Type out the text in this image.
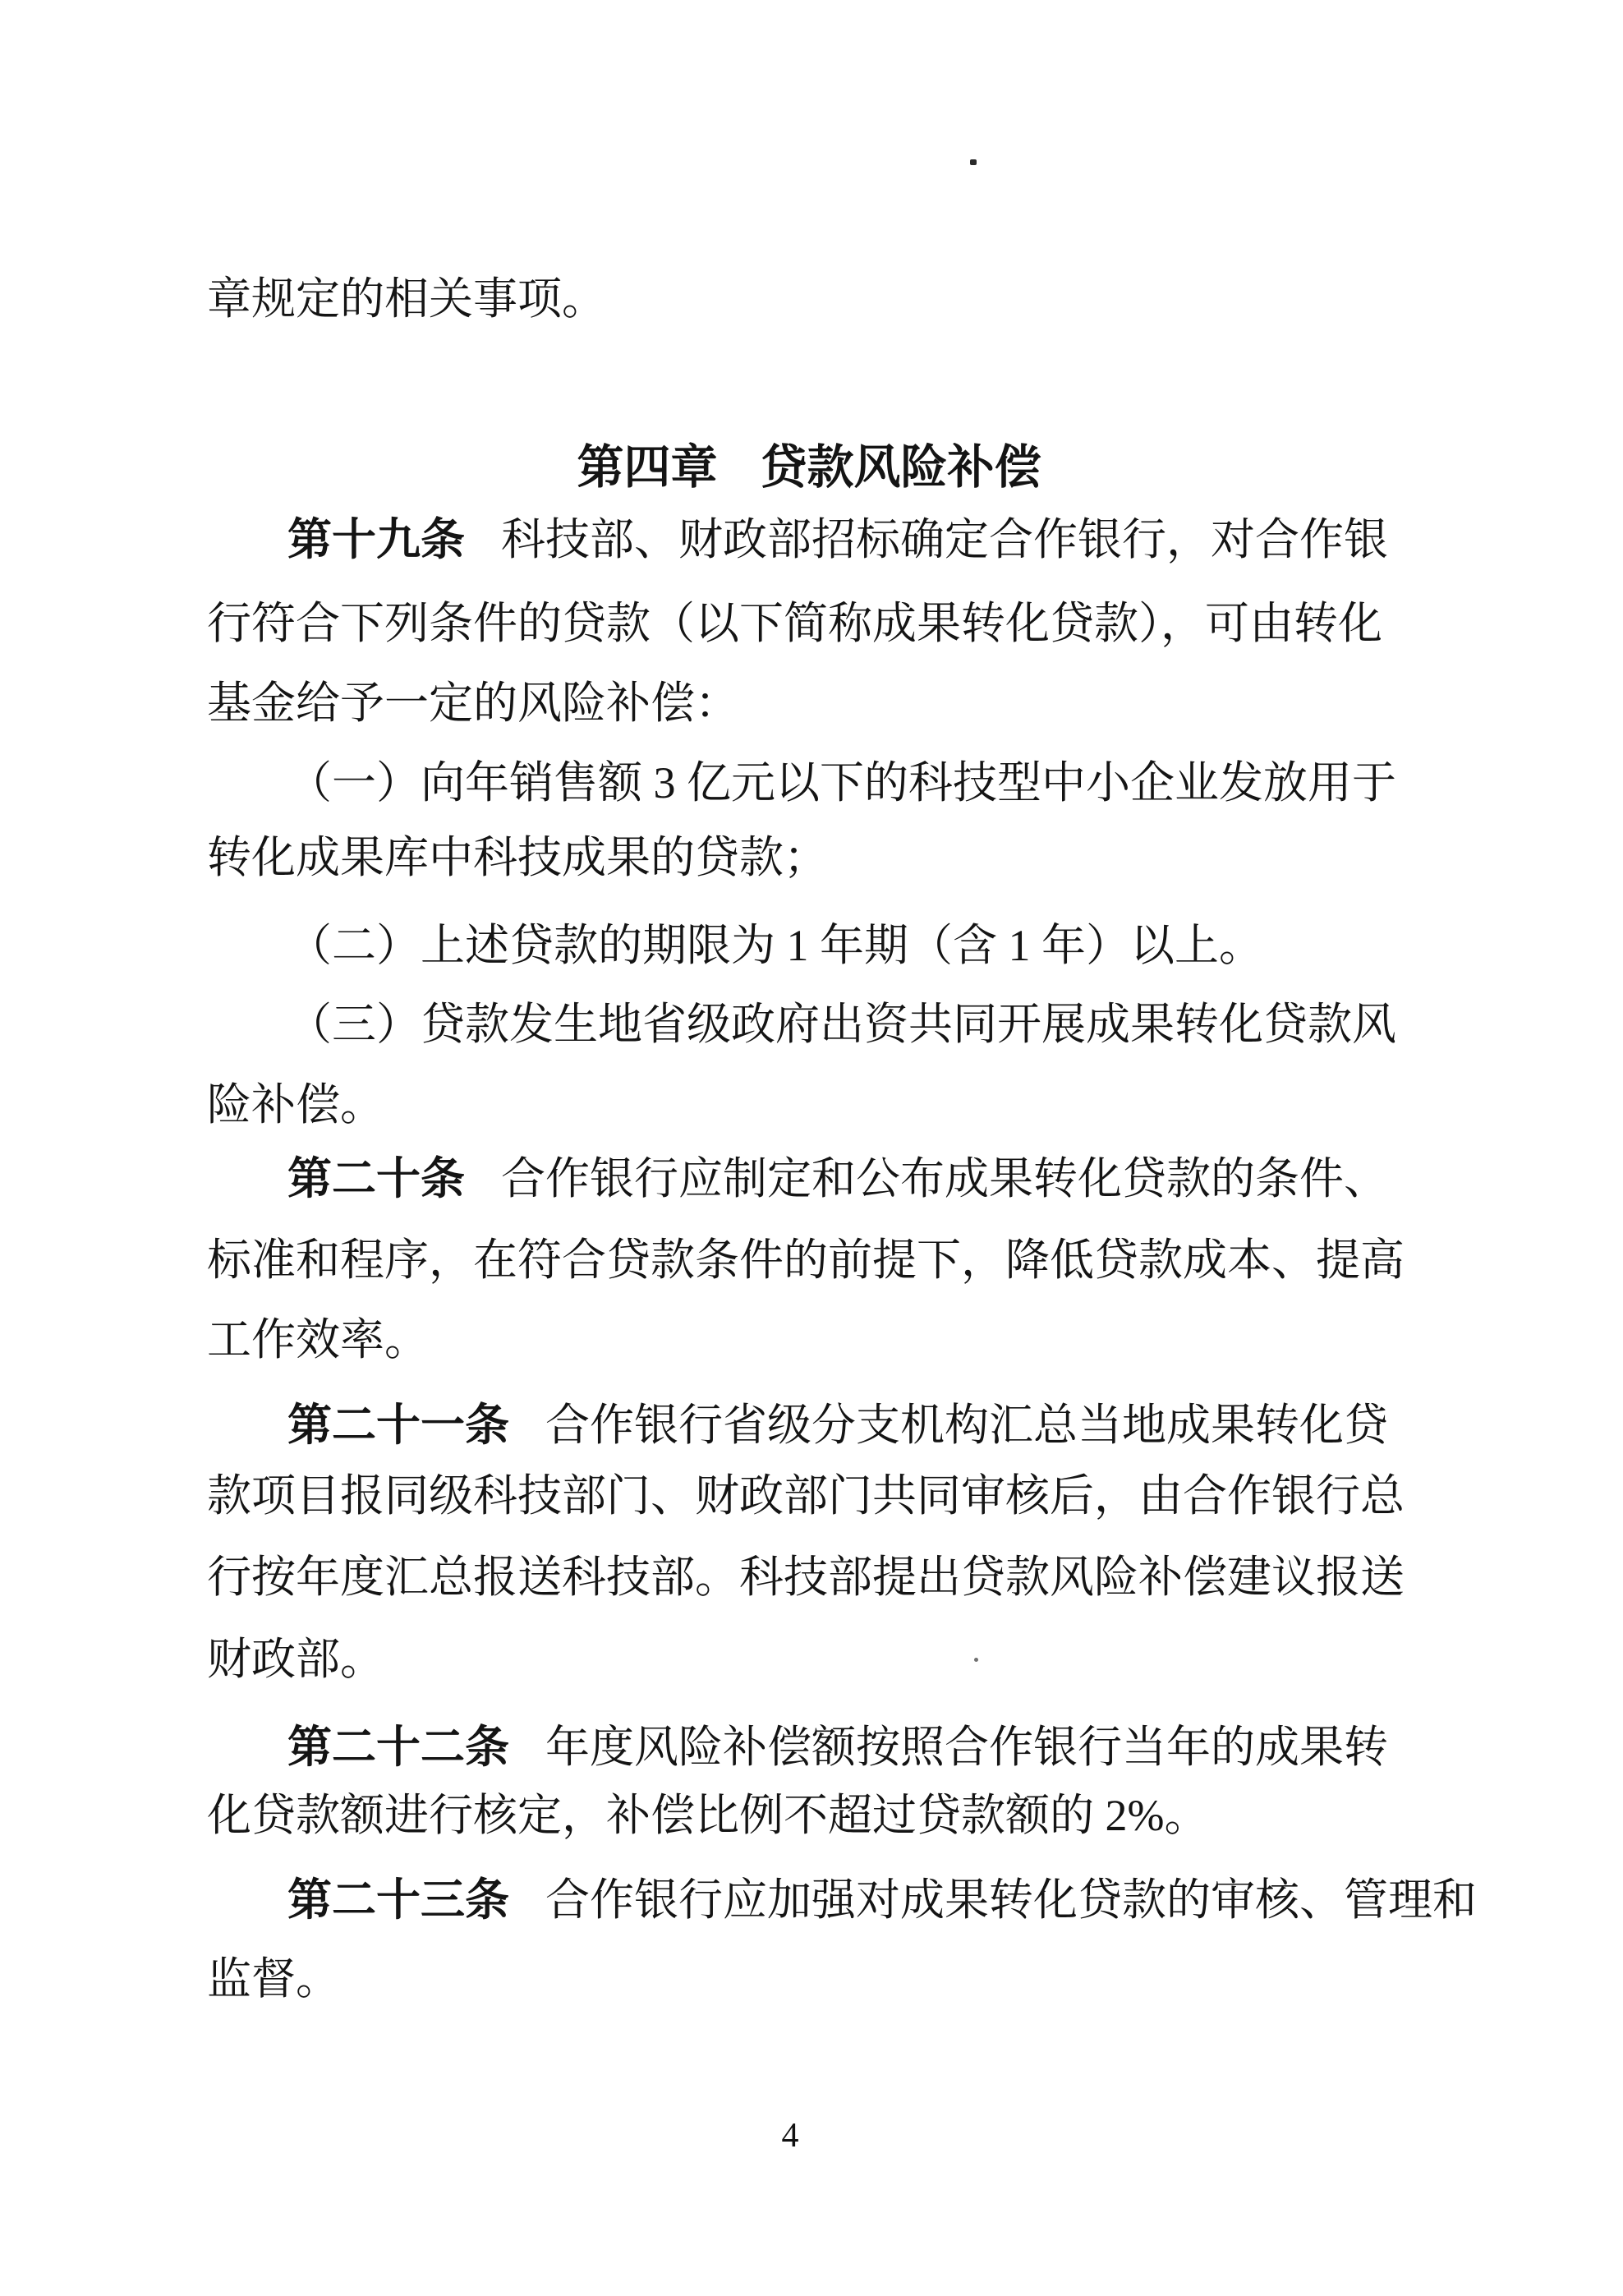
章规定的相关事项。
第四章 贷款风险补偿
第十九条 科技部、财政部招标确定合作银行，对合作银
行符合下列条件的贷款（以下简称成果转化贷款），可由转化
基金给予一定的风险补偿：
（一）向年销售额 3 亿元以下的科技型中小企业发放用于
转化成果库中科技成果的贷款；
（二）上述贷款的期限为 1 年期（含 1 年）以上。
（三）贷款发生地省级政府出资共同开展成果转化贷款风
险补偿。
第二十条 合作银行应制定和公布成果转化贷款的条件、
标准和程序，在符合贷款条件的前提下，降低贷款成本、提高
工作效率。
第二十一条 合作银行省级分支机构汇总当地成果转化贷
款项目报同级科技部门、财政部门共同审核后，由合作银行总
行按年度汇总报送科技部。科技部提出贷款风险补偿建议报送
财政部。
第二十二条 年度风险补偿额按照合作银行当年的成果转
化贷款额进行核定，补偿比例不超过贷款额的 2%。
第二十三条 合作银行应加强对成果转化贷款的审核、管理和
监督。
4
